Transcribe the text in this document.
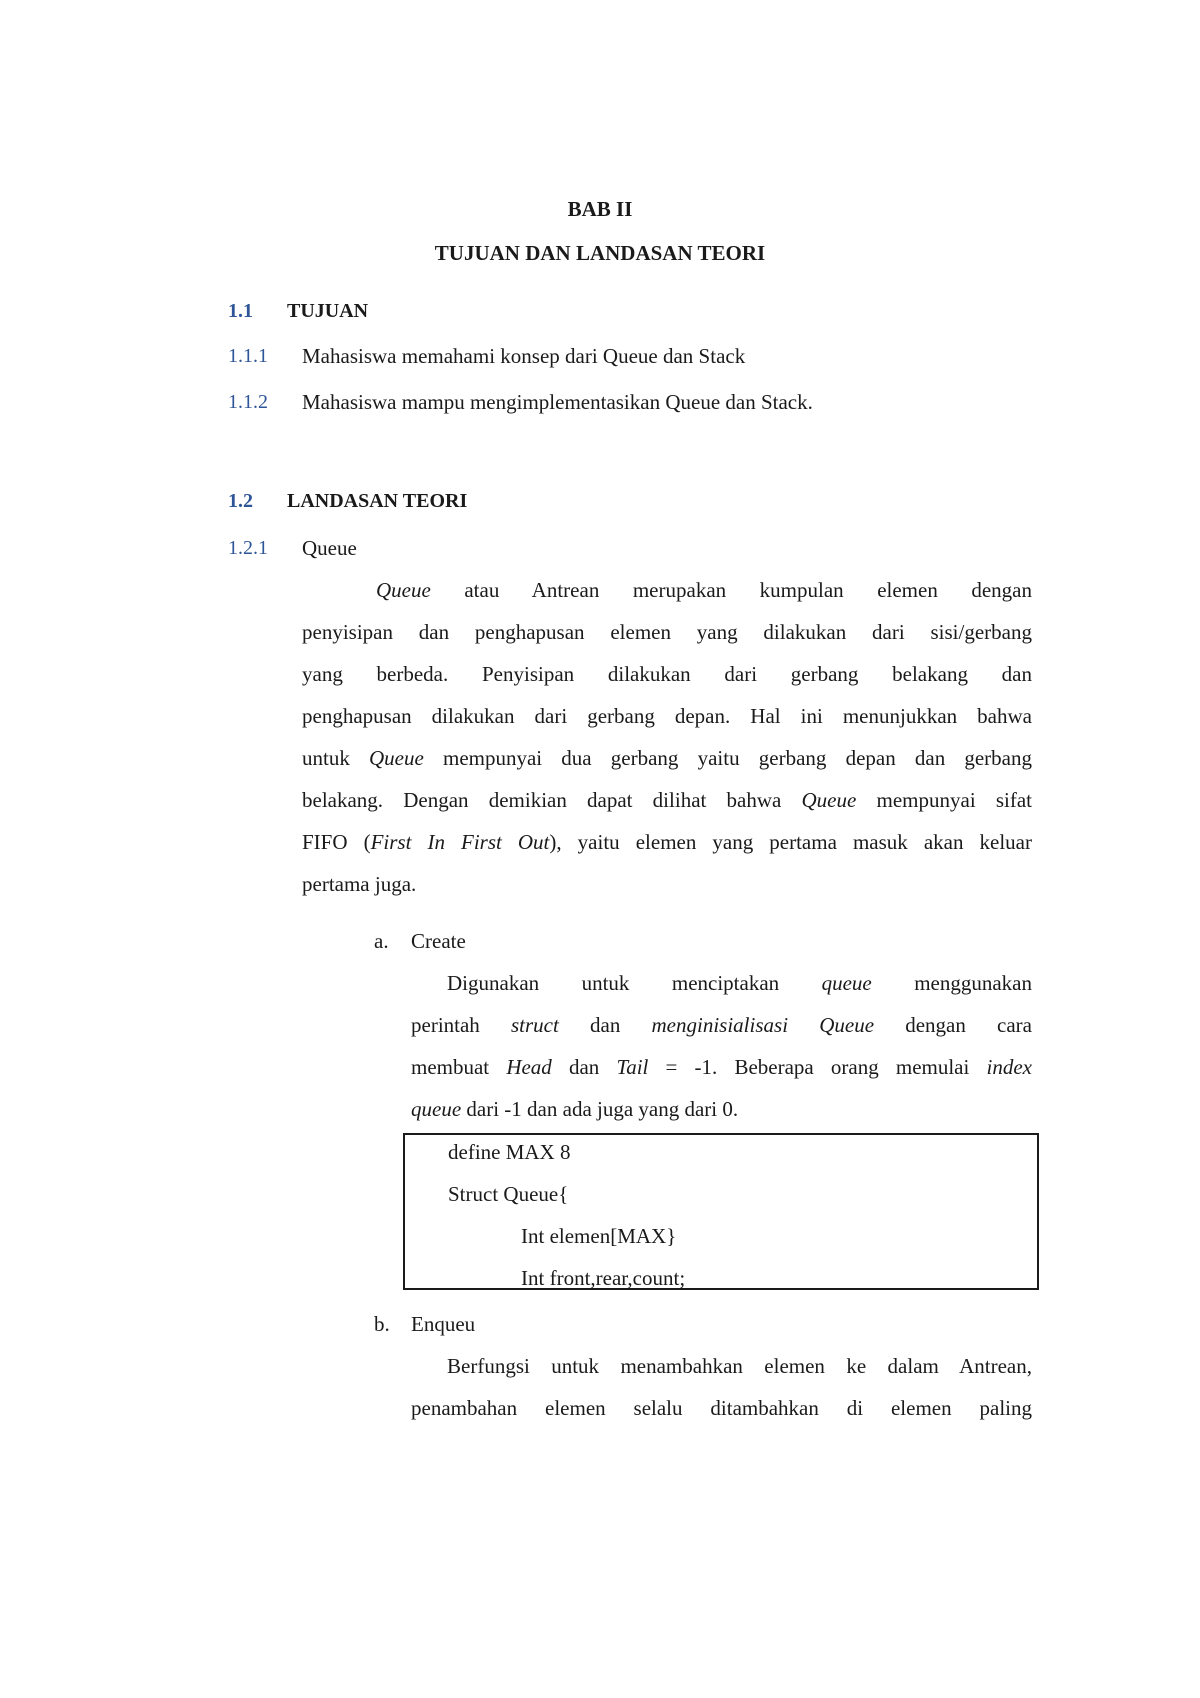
BAB II
TUJUAN DAN LANDASAN TEORI
1.1 TUJUAN
1.1.1 Mahasiswa memahami konsep dari Queue dan Stack
1.1.2 Mahasiswa mampu mengimplementasikan Queue dan Stack.
1.2 LANDASAN TEORI
1.2.1 Queue
Queue atau Antrean merupakan kumpulan elemen dengan
penyisipan dan penghapusan elemen yang dilakukan dari sisi/gerbang
yang berbeda. Penyisipan dilakukan dari gerbang belakang dan
penghapusan dilakukan dari gerbang depan. Hal ini menunjukkan bahwa
untuk Queue mempunyai dua gerbang yaitu gerbang depan dan gerbang
belakang. Dengan demikian dapat dilihat bahwa Queue mempunyai sifat
FIFO (First In First Out), yaitu elemen yang pertama masuk akan keluar
pertama juga.
a. Create
Digunakan untuk menciptakan queue menggunakan
perintah struct dan menginisialisasi Queue dengan cara
membuat Head dan Tail = -1. Beberapa orang memulai index
queue dari -1 dan ada juga yang dari 0.
define MAX 8
Struct Queue{
Int elemen[MAX}
Int front,rear,count;
b. Enqueu
Berfungsi untuk menambahkan elemen ke dalam Antrean,
penambahan elemen selalu ditambahkan di elemen paling
